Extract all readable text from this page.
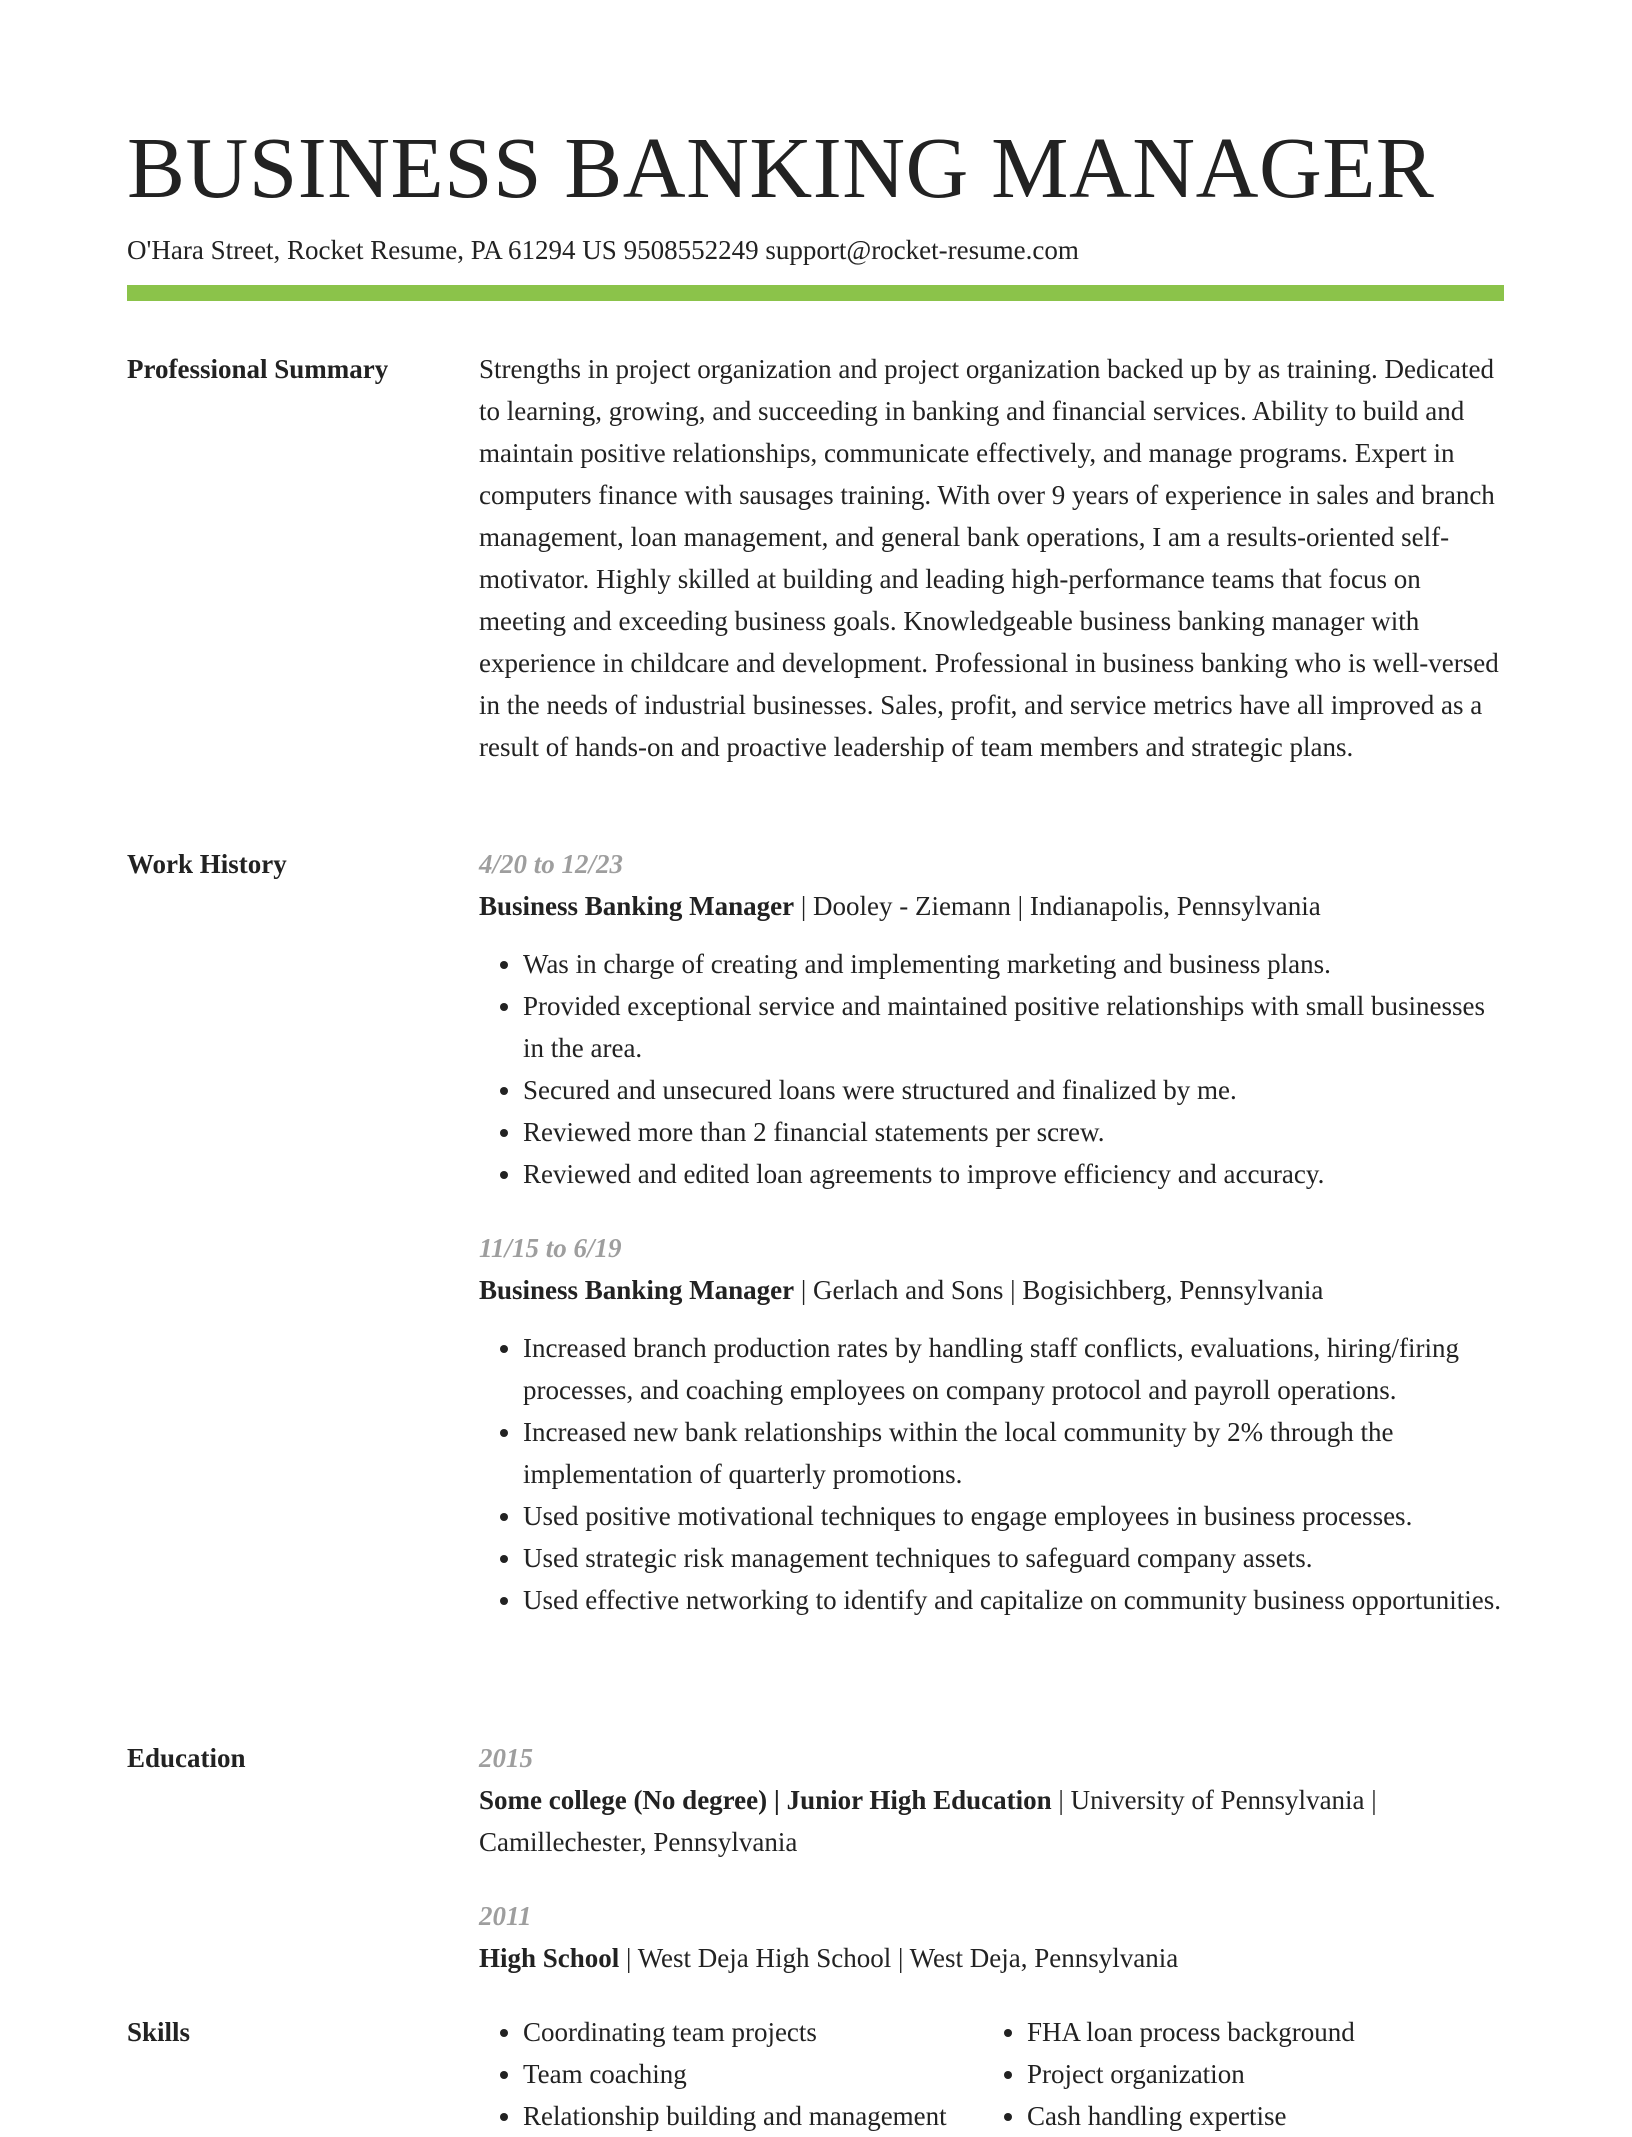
BUSINESS BANKING MANAGER
O'Hara Street, Rocket Resume, PA 61294 US 9508552249 support@rocket-resume.com
Professional Summary	Strengths in project organization and project organization backed up by as training. Dedicated to learning, growing, and succeeding in banking and financial services. Ability to build and maintain positive relationships, communicate effectively, and manage programs. Expert in computers finance with sausages training. With over 9 years of experience in sales and branch management, loan management, and general bank operations, I am a results-oriented self-motivator. Highly skilled at building and leading high-performance teams that focus on meeting and exceeding business goals. Knowledgeable business banking manager with experience in childcare and development. Professional in business banking who is well-versed in the needs of industrial businesses. Sales, profit, and service metrics have all improved as a result of hands-on and proactive leadership of team members and strategic plans.

Work History	4/20 to 12/23

Business Banking Manager | Dooley - Ziemann | Indianapolis, Pennsylvania

• Was in charge of creating and implementing marketing and business plans.
• Provided exceptional service and maintained positive relationships with small businesses in the area.
• Secured and unsecured loans were structured and finalized by me.
• Reviewed more than 2 financial statements per screw.
• Reviewed and edited loan agreements to improve efficiency and accuracy.

11/15 to 6/19

Business Banking Manager | Gerlach and Sons | Bogisichberg, Pennsylvania

• Increased branch production rates by handling staff conflicts, evaluations, hiring/firing processes, and coaching employees on company protocol and payroll operations.
• Increased new bank relationships within the local community by 2% through the implementation of quarterly promotions.
• Used positive motivational techniques to engage employees in business processes.
• Used strategic risk management techniques to safeguard company assets.
• Used effective networking to identify and capitalize on community business opportunities.
Education	2015

Some college (No degree) | Junior High Education | University of Pennsylvania | Camillechester, Pennsylvania

2011

High School | West Deja High School | West Deja, Pennsylvania

Skills
•	Coordinating team projects
• Team coaching
• Relationship building and management
• FHA loan process background
• Project organization
• Cash handling expertise
